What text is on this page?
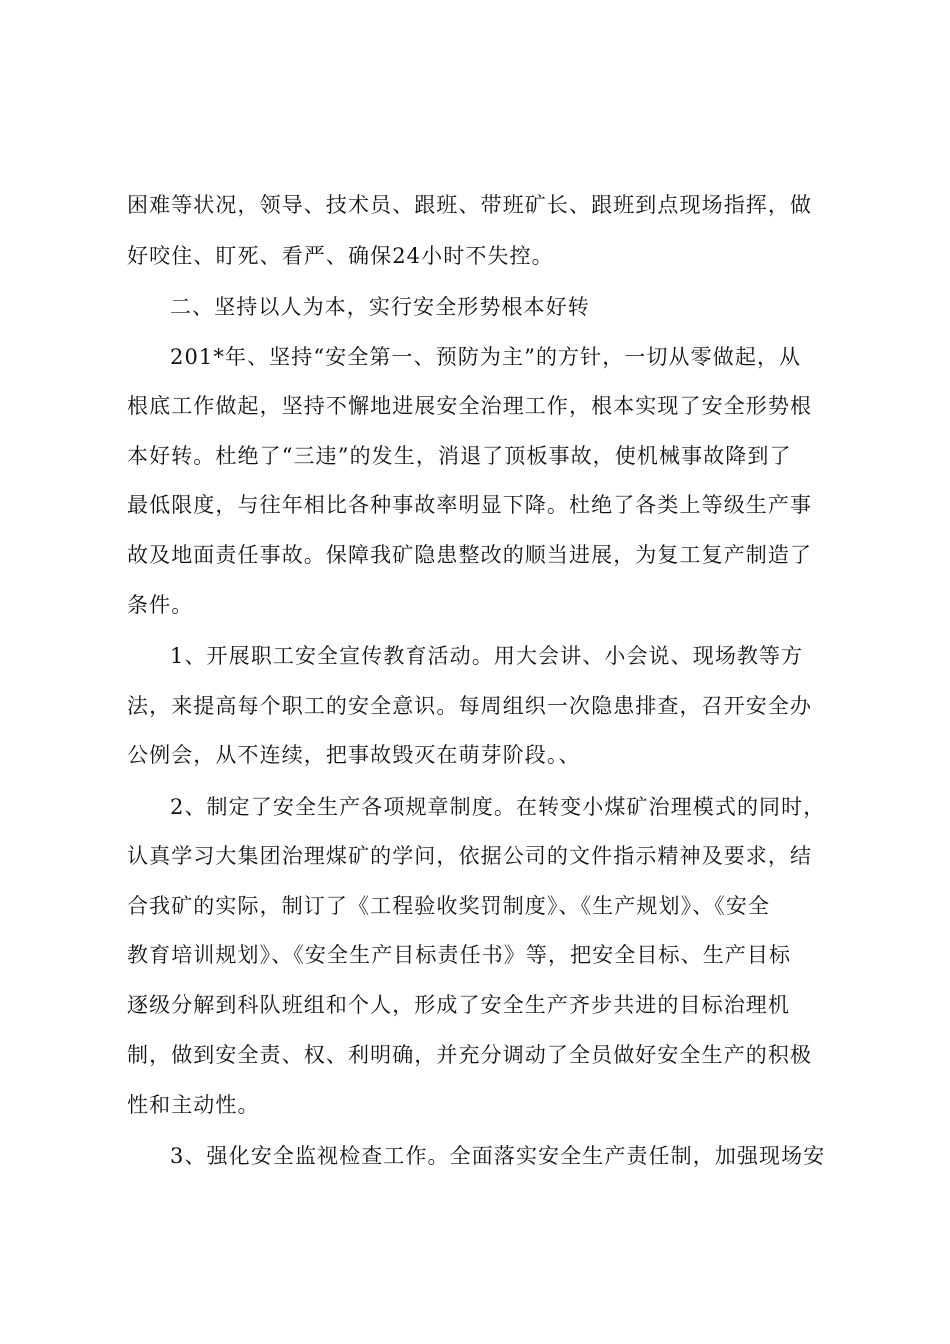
困难等状况，领导、技术员、跟班、带班矿长、跟班到点现场指挥，做
好咬住、盯死、看严、确保24小时不失控。
二、坚持以人为本，实行安全形势根本好转
201*年、坚持“安全第一、预防为主”的方针，一切从零做起，从
根底工作做起，坚持不懈地进展安全治理工作，根本实现了安全形势根
本好转。杜绝了“三违”的发生，消退了顶板事故，使机械事故降到了
最低限度，与往年相比各种事故率明显下降。杜绝了各类上等级生产事
故及地面责任事故。保障我矿隐患整改的顺当进展，为复工复产制造了
条件。
1、开展职工安全宣传教育活动。用大会讲、小会说、现场教等方
法，来提高每个职工的安全意识。每周组织一次隐患排查，召开安全办
公例会，从不连续，把事故毁灭在萌芽阶段。、
2、制定了安全生产各项规章制度。在转变小煤矿治理模式的同时，
认真学习大集团治理煤矿的学问，依据公司的文件指示精神及要求，结
合我矿的实际，制订了《工程验收奖罚制度》、《生产规划》、《安全
教育培训规划》、《安全生产目标责任书》等，把安全目标、生产目标
逐级分解到科队班组和个人，形成了安全生产齐步共进的目标治理机
制，做到安全责、权、利明确，并充分调动了全员做好安全生产的积极
性和主动性。
3、强化安全监视检查工作。全面落实安全生产责任制，加强现场安
